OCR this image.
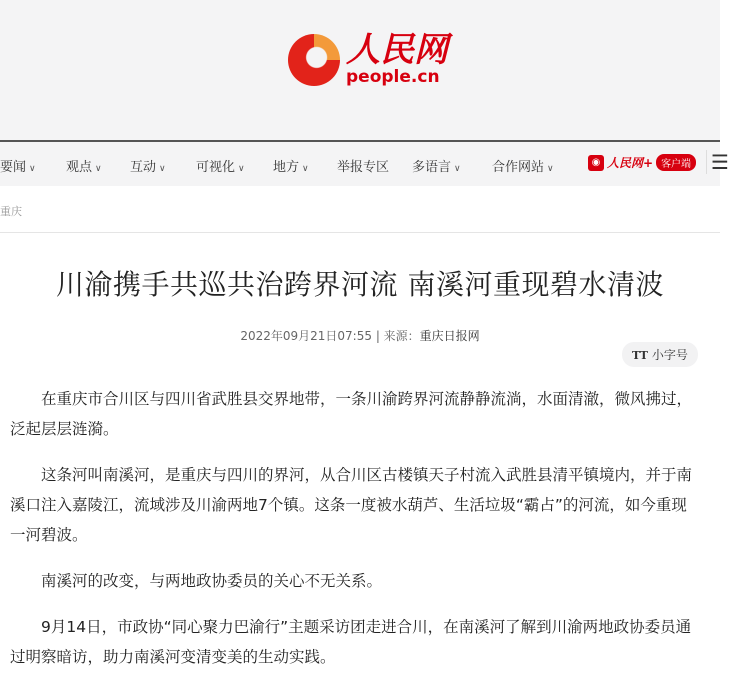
人民网
people.cn
要闻 ∨ 观点 ∨ 互动 ∨ 可视化 ∨ 地方 ∨ 举报专区 多语言 ∨ 合作网站 ∨
◉ 人民网+ 客户端 ☰
重庆
川渝携手共巡共治跨界河流 南溪河重现碧水清波
2022年09月21日07:55 | 来源：重庆日报网
TT 小字号

在重庆市合川区与四川省武胜县交界地带，一条川渝跨界河流静静流淌，水面清澈，微风拂过，泛起层层涟漪。

这条河叫南溪河，是重庆与四川的界河，从合川区古楼镇天子村流入武胜县清平镇境内，并于南溪口注入嘉陵江，流域涉及川渝两地7个镇。这条一度被水葫芦、生活垃圾“霸占”的河流，如今重现一河碧波。

南溪河的改变，与两地政协委员的关心不无关系。

9月14日，市政协“同心聚力巴渝行”主题采访团走进合川，在南溪河了解到川渝两地政协委员通过明察暗访，助力南溪河变清变美的生动实践。
